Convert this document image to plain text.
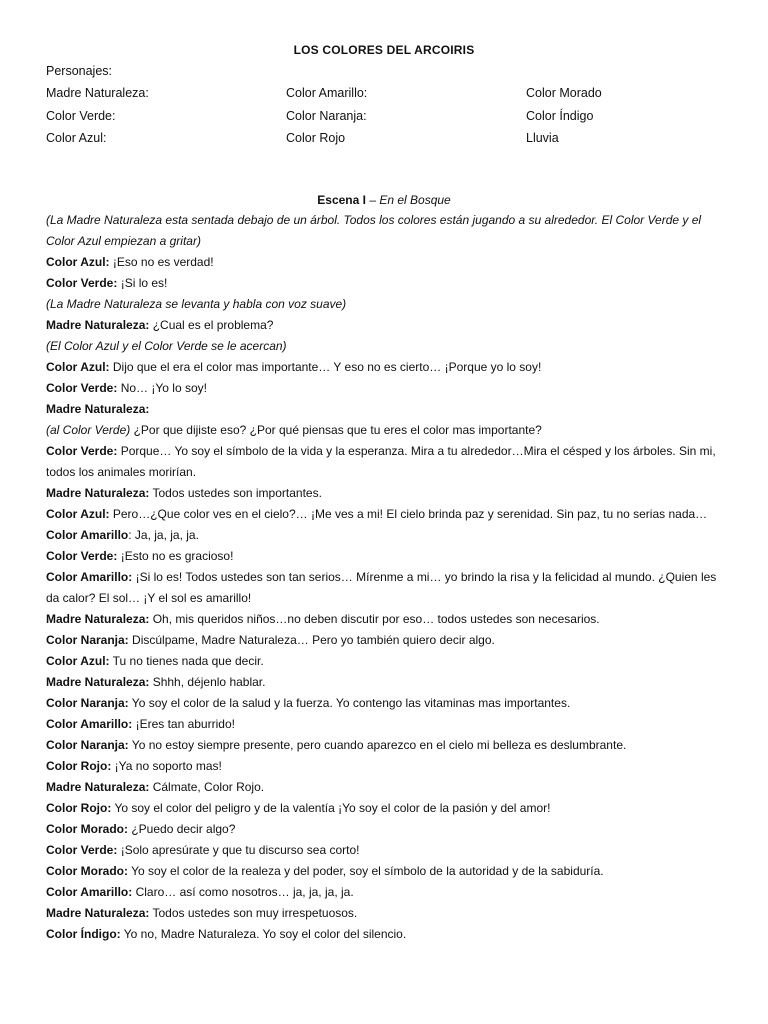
LOS COLORES DEL ARCOIRIS
Personajes:
Madre Naturaleza:	Color Amarillo:	Color Morado
Color Verde:	Color Naranja:	Color Índigo
Color Azul:	Color Rojo	Lluvia
Escena I – En el Bosque

(La Madre Naturaleza esta sentada debajo de un árbol. Todos los colores están jugando a su alrededor. El Color Verde y el Color Azul empiezan a gritar)

Color Azul: ¡Eso no es verdad!

Color Verde: ¡Si lo es!

(La Madre Naturaleza se levanta y habla con voz suave)

Madre Naturaleza: ¿Cual es el problema?

(El Color Azul y el Color Verde se le acercan)

Color Azul: Dijo que el era el color mas importante… Y eso no es cierto… ¡Porque yo lo soy!

Color Verde: No… ¡Yo lo soy!

Madre Naturaleza:

(al Color Verde) ¿Por que dijiste eso? ¿Por qué piensas que tu eres el color mas importante?

Color Verde: Porque… Yo soy el símbolo de la vida y la esperanza. Mira a tu alrededor…Mira el césped y los árboles. Sin mi, todos los animales morirían.

Madre Naturaleza: Todos ustedes son importantes.

Color Azul: Pero…¿Que color ves en el cielo?… ¡Me ves a mi! El cielo brinda paz y serenidad. Sin paz, tu no serias nada…

Color Amarillo: Ja, ja, ja, ja.

Color Verde: ¡Esto no es gracioso!

Color Amarillo: ¡Si lo es! Todos ustedes son tan serios… Mírenme a mi… yo brindo la risa y la felicidad al mundo. ¿Quien les da calor? El sol… ¡Y el sol es amarillo!

Madre Naturaleza: Oh, mis queridos niños…no deben discutir por eso… todos ustedes son necesarios.

Color Naranja: Discúlpame, Madre Naturaleza… Pero yo también quiero decir algo.

Color Azul: Tu no tienes nada que decir.

Madre Naturaleza: Shhh, déjenlo hablar.

Color Naranja: Yo soy el color de la salud y la fuerza. Yo contengo las vitaminas mas importantes.

Color Amarillo: ¡Eres tan aburrido!

Color Naranja: Yo no estoy siempre presente, pero cuando aparezco en el cielo mi belleza es deslumbrante.

Color Rojo: ¡Ya no soporto mas!

Madre Naturaleza: Cálmate, Color Rojo.

Color Rojo: Yo soy el color del peligro y de la valentía ¡Yo soy el color de la pasión y del amor!

Color Morado: ¿Puedo decir algo?

Color Verde: ¡Solo apresúrate y que tu discurso sea corto!

Color Morado: Yo soy el color de la realeza y del poder, soy el símbolo de la autoridad y de la sabiduría.

Color Amarillo: Claro… así como nosotros… ja, ja, ja, ja.

Madre Naturaleza: Todos ustedes son muy irrespetuosos.

Color Índigo: Yo no, Madre Naturaleza. Yo soy el color del silencio.
